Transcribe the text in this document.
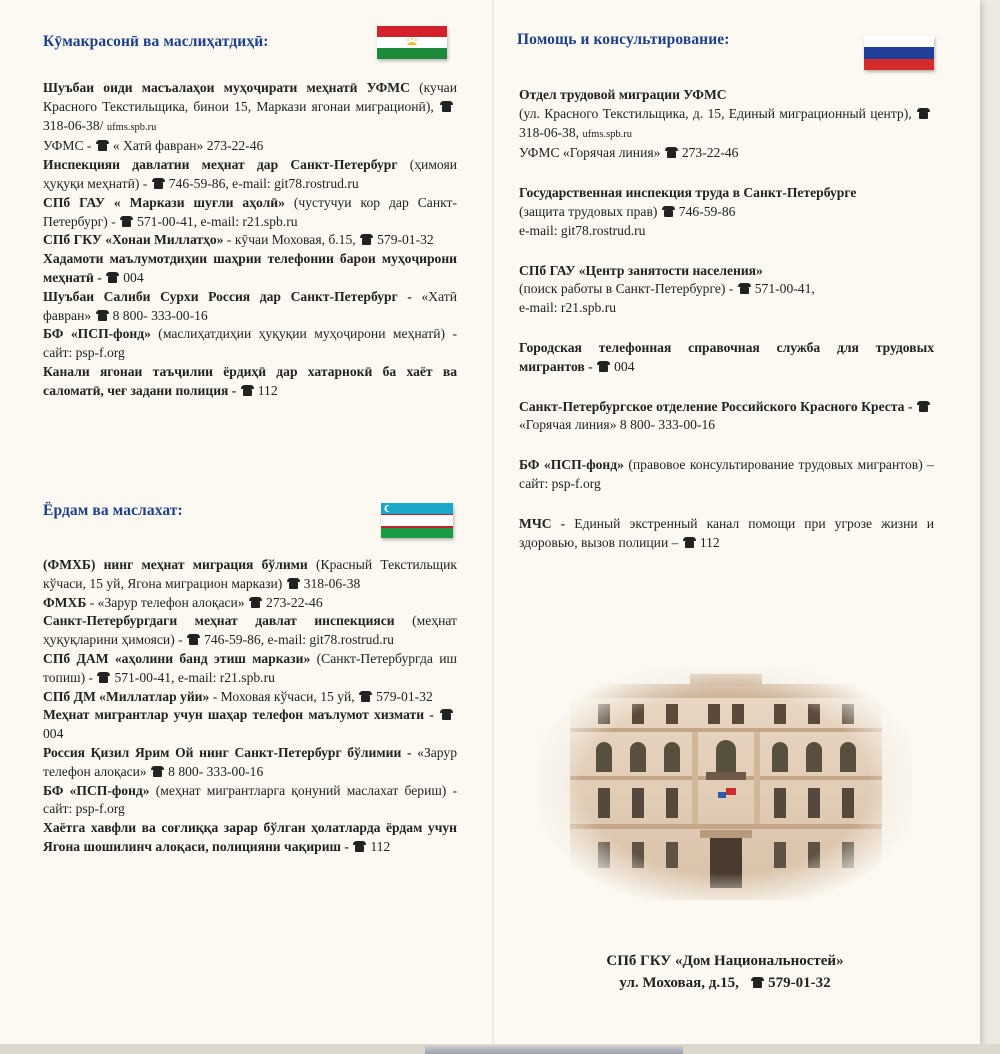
Кӯмакрасонӣ ва маслиҳатдиҳӣ:

Шуъбаи оиди масъалаҳои муҳоҷирати меҳнатӣ УФМС (кучаи Красного Текстильщика, бинои 15, Маркази ягонаи миграционӣ), 318-06-38/ ufms.spb.ru

УФМС - « Хатӣ фавран» 273-22-46

Инспекцияи давлатии меҳнат дар Санкт-Петербург (ҳимояи ҳуқуқи меҳнатӣ) - 746-59-86, e-mail: git78.rostrud.ru

СПб ГАУ « Маркази шуғли аҳолӣ» (чустучуи кор дар Санкт-Петербург) - 571-00-41, e-mail: r21.spb.ru

СПб ГКУ «Хонаи Миллатҳо» - кӯчаи Моховая, б.15, 579-01-32

Хадамоти маълумотдиҳии шаҳрии телефонии барои муҳоҷирони меҳнатӣ - 004

Шуъбаи Салиби Сурхи Россия дар Санкт-Петербург - «Хатӣ фавран» 8 800- 333-00-16

БФ «ПСП-фонд» (маслиҳатдиҳии ҳуқуқии муҳоҷирони меҳнатӣ) - сайт: psp-f.org

Канали ягонаи таъҷилии ёрдиҳӣ дар хатарнокӣ ба хаёт ва саломатӣ, чеғ задани полиция - 112

Ёрдам ва маслахат:

(ФМХБ) нинг меҳнат миграция бўлими (Красный Текстильщик кўчаси, 15 уй, Ягона миграцион маркази) 318-06-38

ФМХБ - «Зарур телефон алоқаси» 273-22-46

Санкт-Петербургдаги меҳнат давлат инспекцияси (меҳнат ҳуқуқларини ҳимояси) - 746-59-86, e-mail: git78.rostrud.ru

СПб ДАМ «аҳолини банд этиш маркази» (Санкт-Петербургда иш топиш) - 571-00-41, e-mail: r21.spb.ru

СПб ДМ «Миллатлар уйи» - Моховая кўчаси, 15 уй, 579-01-32

Меҳнат мигрантлар учун шаҳар телефон маълумот хизмати - 004

Россия Қизил Ярим Ой нинг Санкт-Петербург бўлимии - «Зарур телефон алоқаси» 8 800- 333-00-16

БФ «ПСП-фонд» (меҳнат мигрантларга қонуний маслахат бериш) - сайт: psp-f.org

Хаётга хавфли ва соғлиққа зарар бўлган ҳолатларда ёрдам учун Ягона шошилинч алоқаси, полицияни чақириш - 112

Помощь и консультирование:

Отдел трудовой миграции УФМС
(ул. Красного Текстильщика, д. 15, Единый миграционный центр), 318-06-38, ufms.spb.ru
УФМС «Горячая линия» 273-22-46

Государственная инспекция труда в Санкт-Петербурге
(защита трудовых прав) 746-59-86
e-mail: git78.rostrud.ru

СПб ГАУ «Центр занятости населения»
(поиск работы в Санкт-Петербурге) - 571-00-41,
e-mail: r21.spb.ru

Городская телефонная справочная служба для трудовых мигрантов - 004

Санкт-Петербургское отделение Российского Красного Креста - «Горячая линия» 8 800- 333-00-16

БФ «ПСП-фонд» (правовое консультирование трудовых мигрантов) – сайт: psp-f.org

МЧС - Единый экстренный канал помощи при угрозе жизни и здоровью, вызов полиции – 112

СПб ГКУ «Дом Национальностей»
ул. Моховая, д.15, 579-01-32
